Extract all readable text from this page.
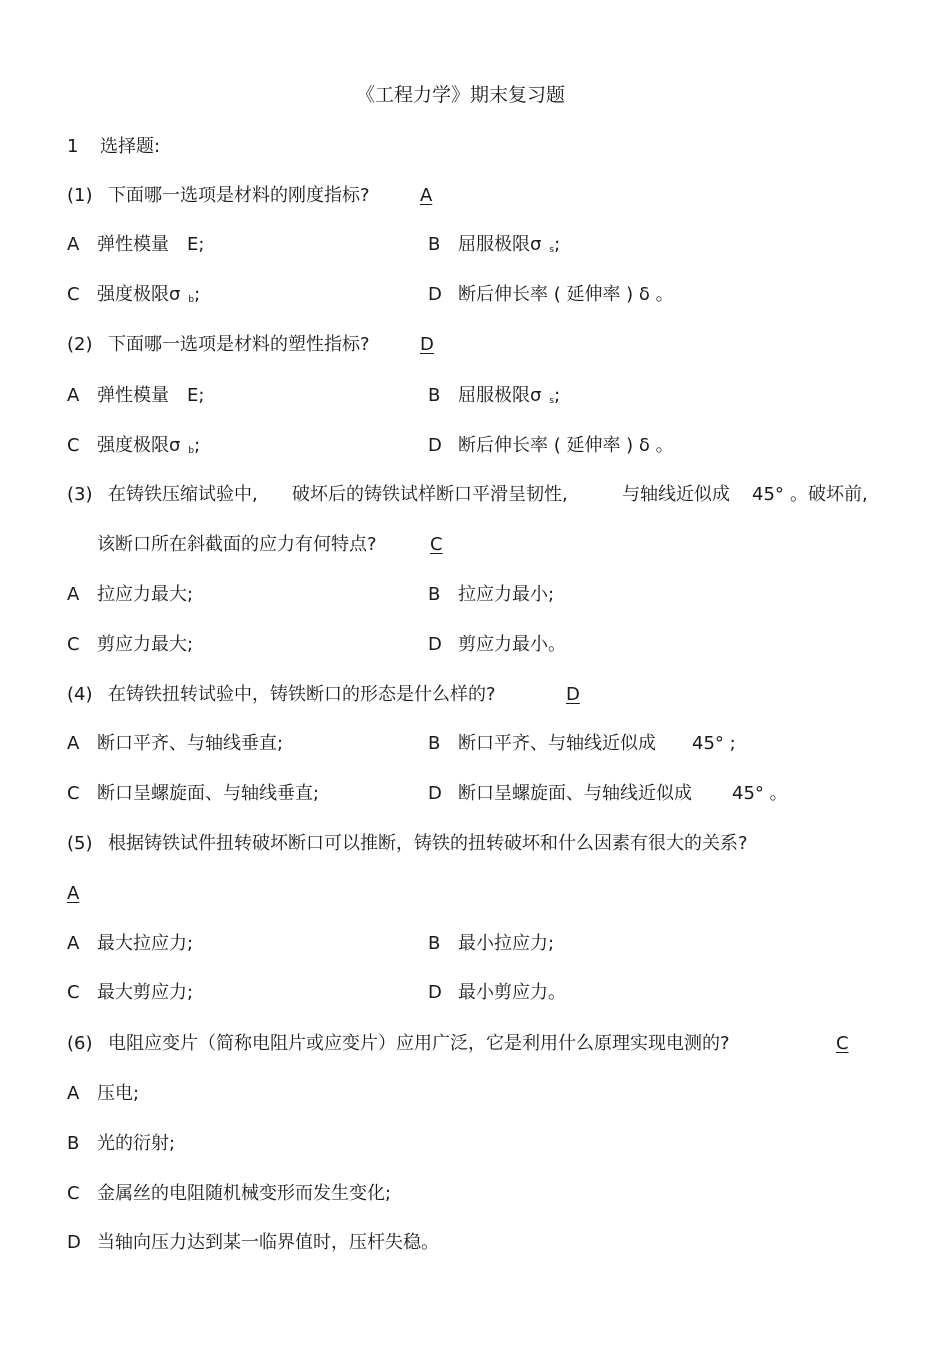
《工程力学》期末复习题
1 选择题:
(1) 下面哪一选项是材料的刚度指标?	A
A 弹性模量　E;	B 屈服极限σ $_s$;
C 强度极限σ $_b$;	D 断后伸长率 ( 延伸率 ) δ 。
(2) 下面哪一选项是材料的塑性指标?	D
A 弹性模量　E;	B 屈服极限σ $_s$;
C 强度极限σ $_b$;	D 断后伸长率 ( 延伸率 ) δ 。
(3) 在铸铁压缩试验中, 破坏后的铸铁试样断口平滑呈韧性,	与轴线近似成 45° 。破坏前,
该断口所在斜截面的应力有何特点?	C
A 拉应力最大;	B 拉应力最小;
C 剪应力最大;	D 剪应力最小。
(4) 在铸铁扭转试验中，铸铁断口的形态是什么样的?	D
A 断口平齐、与轴线垂直;	B 断口平齐、与轴线近似成 45° ;
C 断口呈螺旋面、与轴线垂直;	D 断口呈螺旋面、与轴线近似成 45° 。
(5) 根据铸铁试件扭转破坏断口可以推断，铸铁的扭转破坏和什么因素有很大的关系?
A
A 最大拉应力;	B 最小拉应力;
C 最大剪应力;	D 最小剪应力。
(6) 电阻应变片（简称电阻片或应变片）应用广泛，它是利用什么原理实现电测的?	C
A 压电;
B 光的衍射;
C 金属丝的电阻随机械变形而发生变化;
D 当轴向压力达到某一临界值时，压杆失稳。
